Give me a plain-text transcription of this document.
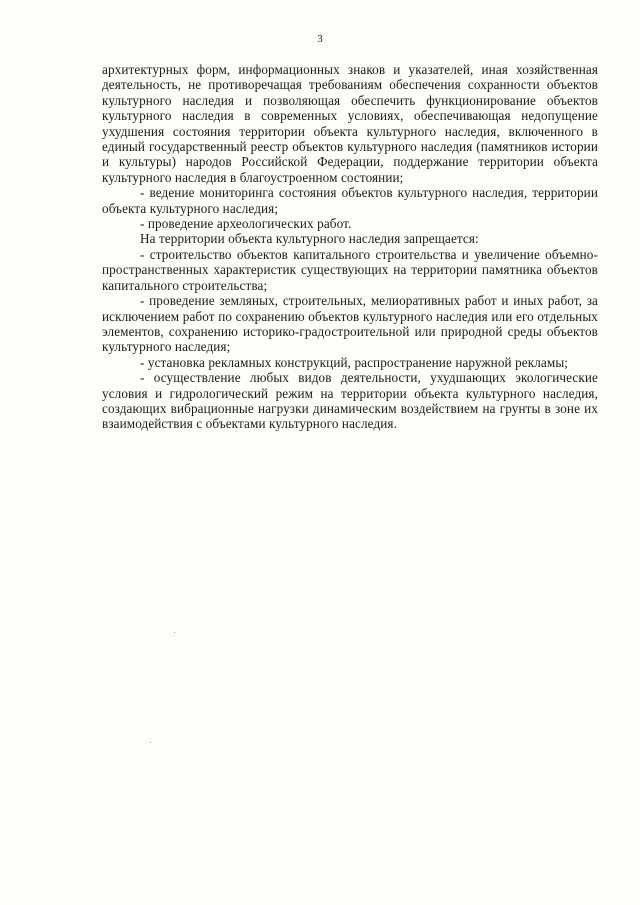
3

архитектурных форм, информационных знаков и указателей, иная хозяйственная деятельность, не противоречащая требованиям обеспечения сохранности объектов культурного наследия и позволяющая обеспечить функционирование объектов культурного наследия в современных условиях, обеспечивающая недопущение ухудшения состояния территории объекта культурного наследия, включенного в единый государственный реестр объектов культурного наследия (памятников истории и культуры) народов Российской Федерации, поддержание территории объекта культурного наследия в благоустроенном состоянии;

- ведение мониторинга состояния объектов культурного наследия, территории объекта культурного наследия;

- проведение археологических работ.

На территории объекта культурного наследия запрещается:

- строительство объектов капитального строительства и увеличение объемно-пространственных характеристик существующих на территории памятника объектов капитального строительства;

- проведение земляных, строительных, мелиоративных работ и иных работ, за исключением работ по сохранению объектов культурного наследия или его отдельных элементов, сохранению историко-градостроительной или природной среды объектов культурного наследия;

- установка рекламных конструкций, распространение наружной рекламы;

- осуществление любых видов деятельности, ухудшающих экологические условия и гидрологический режим на территории объекта культурного наследия, создающих вибрационные нагрузки динамическим воздействием на грунты в зоне их взаимодействия с объектами культурного наследия.
